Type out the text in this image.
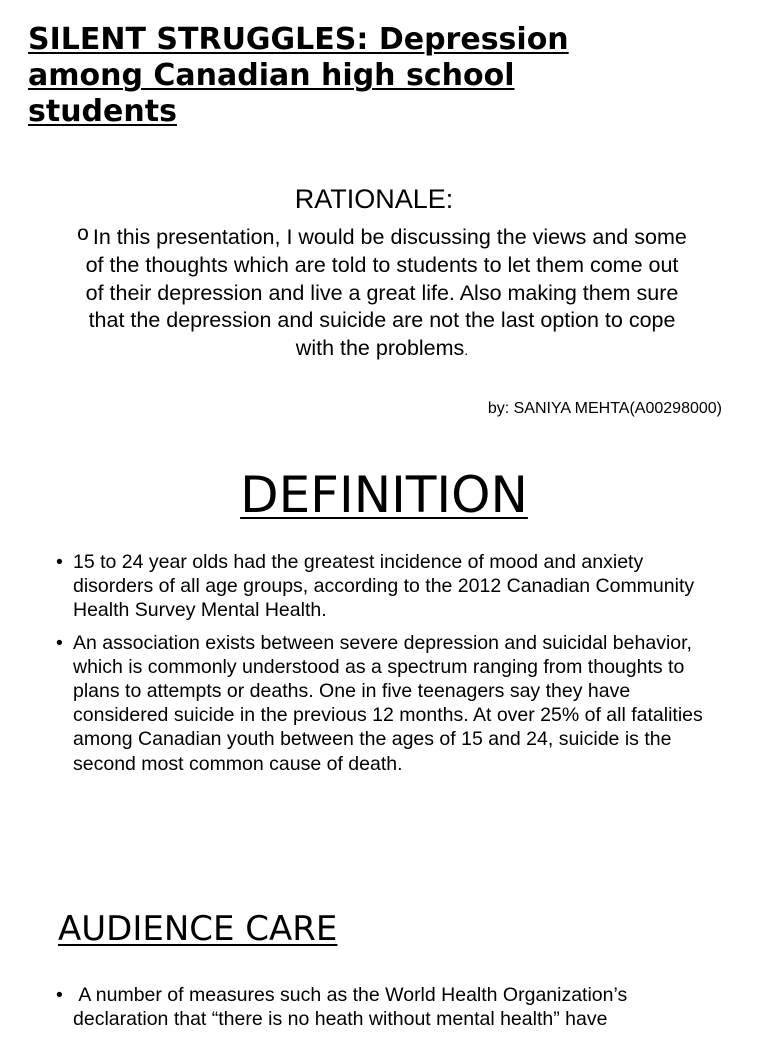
SILENT STRUGGLES: Depression
among Canadian high school
students
RATIONALE:

o In this presentation, I would be discussing the views and some
of the thoughts which are told to students to let them come out
of their depression and live a great life. Also making them sure
that the depression and suicide are not the last option to cope
with the problems.

by: SANIYA MEHTA(A00298000)

DEFINITION
• 15 to 24 year olds had the greatest incidence of mood and anxiety disorders of all age groups, according to the 2012 Canadian Community Health Survey Mental Health.
• An association exists between severe depression and suicidal behavior, which is commonly understood as a spectrum ranging from thoughts to plans to attempts or deaths. One in five teenagers say they have considered suicide in the previous 12 months. At over 25% of all fatalities among Canadian youth between the ages of 15 and 24, suicide is the second most common cause of death.
AUDIENCE CARE
• A number of measures such as the World Health Organization’s declaration that “there is no heath without mental health” have
